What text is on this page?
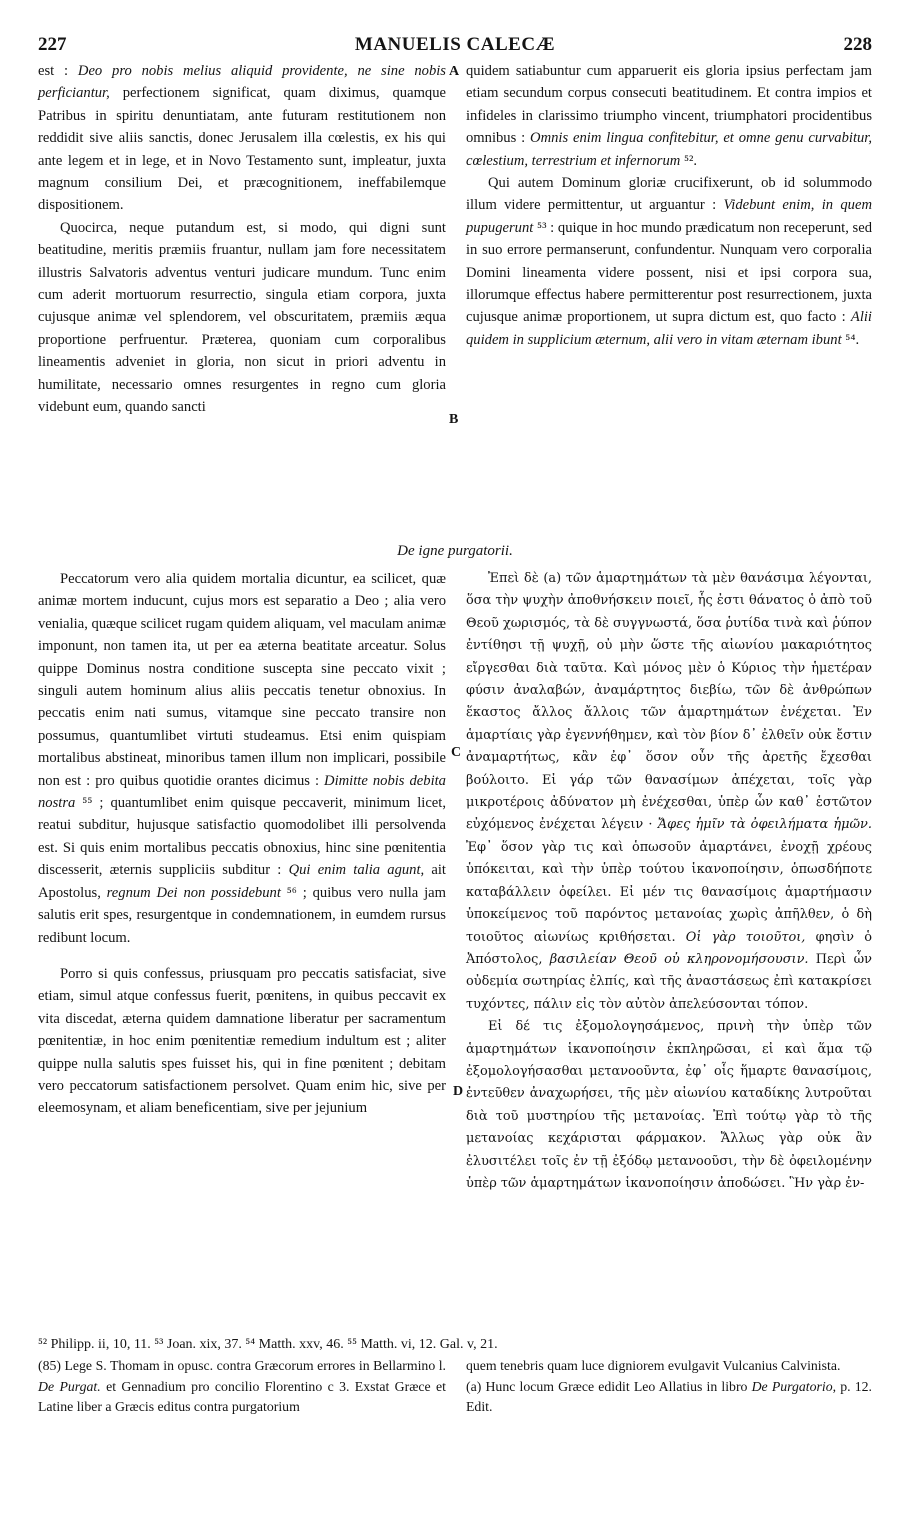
227	MANUELIS CALECÆ	228

est : Deo pro nobis melius aliquid providente, ne sine nobis perficiantur, perfectionem significat, quam diximus, quamque Patribus in spiritu denuntiatam, ante futuram restitutionem non reddidit sive aliis sanctis, donec Jerusalem illa cœlestis, ex his qui ante legem et in lege, et in Novo Testamento sunt, impleatur, juxta magnum consilium Dei, et præcognitionem, ineffabilemque dispositionem.

Quocirca, neque putandum est, si modo, qui digni sunt beatitudine, meritis præmiis fruantur, nullam jam fore necessitatem illustris Salvatoris adventus venturi judicare mundum. Tunc enim cum aderit mortuorum resurrectio, singula etiam corpora, juxta cujusque animæ vel splendorem, vel obscuritatem, præmiis æqua proportione perfruentur. Præterea, quoniam cum corporalibus lineamentis adveniet in gloria, non sicut in priori adventu in humilitate, necessario omnes resurgentes in regno cum gloria videbunt eum, quando sancti

quidem satiabuntur cum apparuerit eis gloria ipsius perfectam jam etiam secundum corpus consecuti beatitudinem. Et contra impios et infideles in clarissimo triumpho vincent, triumphatori procidentibus omnibus : Omnis enim lingua confitebitur, et omne genu curvabitur, cœlestium, terrestrium et infernorum ⁵².

Qui autem Dominum gloriæ crucifixerunt, ob id solummodo illum videre permittentur, ut arguantur : Videbunt enim, in quem pupugerunt ⁵³ : quique in hoc mundo prædicatum non receperunt, sed in suo errore permanserunt, confundentur. Nunquam vero corporalia Domini lineamenta videre possent, nisi et ipsi corpora sua, illorumque effectus habere permitterentur post resurrectionem, juxta cujusque animæ proportionem, ut supra dictum est, quo facto : Alii quidem in supplicium æternum, alii vero in vitam æternam ibunt ⁵⁴.

A
B
De igne purgatorii.

Peccatorum vero alia quidem mortalia dicuntur, ea scilicet, quæ animæ mortem inducunt, cujus mors est separatio a Deo ; alia vero venialia, quæque scilicet rugam quidem aliquam, vel maculam animæ imponunt, non tamen ita, ut per ea æterna beatitate arceatur. Solus quippe Dominus nostra conditione suscepta sine peccato vixit ; singuli autem hominum alius aliis peccatis tenetur obnoxius. In peccatis enim nati sumus, vitamque sine peccato transire non possumus, quantumlibet virtuti studeamus. Etsi enim quispiam mortalibus abstineat, minoribus tamen illum non implicari, possibile non est : pro quibus quotidie orantes dicimus : Dimitte nobis debita nostra ⁵⁵ ; quantumlibet enim quisque peccaverit, minimum licet, reatui subditur, hujusque satisfactio quomodolibet illi persolvenda est. Si quis enim mortalibus peccatis obnoxius, hinc sine pœnitentia discesserit, æternis suppliciis subditur : Qui enim talia agunt, ait Apostolus, regnum Dei non possidebunt ⁵⁶ ; quibus vero nulla jam salutis erit spes, resurgentque in condemnationem, in eumdem rursus redibunt locum.

Porro si quis confessus, priusquam pro peccatis satisfaciat, sive etiam, simul atque confessus fuerit, pœnitens, in quibus peccavit ex vita discedat, æterna quidem damnatione liberatur per sacramentum pœnitentiæ, in hoc enim pœnitentiæ remedium indultum est ; aliter quippe nulla salutis spes fuisset his, qui in fine pœnitent ; debitam vero peccatorum satisfactionem persolvet. Quam enim hic, sive per eleemosynam, et aliam beneficentiam, sive per jejunium

Ἐπεὶ δὲ (a) τῶν ἁμαρτημάτων τὰ μὲν θανάσιμα λέγονται, ὅσα τὴν ψυχὴν ἀποθνήσκειν ποιεῖ, ἧς ἐστι θάνατος ὁ ἀπὸ τοῦ Θεοῦ χωρισμός, τὰ δὲ συγγνωστά, ὅσα ῥυτίδα τινὰ καὶ ῥύπον ἐντίθησι τῇ ψυχῇ, οὐ μὴν ὥστε τῆς αἰωνίου μακαριότητος εἴργεσθαι διὰ ταῦτα. Καὶ μόνος μὲν ὁ Κύριος τὴν ἡμετέραν φύσιν ἀναλαβών, ἀναμάρτητος διεβίω, τῶν δὲ ἀνθρώπων ἕκαστος ἄλλος ἄλλοις τῶν ἁμαρτημάτων ἐνέχεται. Ἐν ἁμαρτίαις γὰρ ἐγεννήθημεν, καὶ τὸν βίον δ᾽ ἐλθεῖν οὐκ ἔστιν ἀναμαρτήτως, κἂν ἐφ᾽ ὅσον οὖν τῆς ἀρετῆς ἔχεσθαι βούλοιτο. Εἰ γάρ τῶν θανασίμων ἀπέχεται, τοῖς γὰρ μικροτέροις ἀδύνατον μὴ ἐνέχεσθαι, ὑπὲρ ὧν καθ᾽ ἑστῶτον εὐχόμενος ἐνέχεται λέγειν · Ἄφες ἡμῖν τὰ ὀφειλήματα ἡμῶν. Ἐφ᾽ ὅσον γὰρ τις καὶ ὁπωσοῦν ἁμαρτάνει, ἐνοχῇ χρέους ὑπόκειται, καὶ τὴν ὑπὲρ τούτου ἱκανοποίησιν, ὁπωσδήποτε καταβάλλειν ὀφείλει. Εἰ μέν τις θανασίμοις ἁμαρτήμασιν ὑποκείμενος τοῦ παρόντος μετανοίας χωρὶς ἀπῆλθεν, ὁ δὴ τοιοῦτος αἰωνίως κριθήσεται. Οἱ γὰρ τοιοῦτοι, φησὶν ὁ Ἀπόστολος, βασιλείαν Θεοῦ οὐ κληρονομήσουσιν. Περὶ ὧν οὐδεμία σωτηρίας ἐλπίς, καὶ τῆς ἀναστάσεως ἐπὶ κατακρίσει τυχόντες, πάλιν εἰς τὸν αὐτὸν ἀπελεύσονται τόπον.

Εἰ δέ τις ἐξομολογησάμενος, πρινὴ τὴν ὑπὲρ τῶν ἁμαρτημάτων ἱκανοποίησιν ἐκπληρῶσαι, εἰ καὶ ἅμα τῷ ἐξομολογήσασθαι μετανοοῦντα, ἐφ᾽ οἷς ἥμαρτε θανασίμοις, ἐντεῦθεν ἀναχωρήσει, τῆς μὲν αἰωνίου καταδίκης λυτροῦται διὰ τοῦ μυστηρίου τῆς μετανοίας. Ἐπὶ τούτῳ γὰρ τὸ τῆς μετανοίας κεχάρισται φάρμακον. Ἄλλως γὰρ οὐκ ἂν ἐλυσιτέλει τοῖς ἐν τῇ ἐξόδῳ μετανοοῦσι, τὴν δὲ ὀφειλομένην ὑπὲρ τῶν ἁμαρτημάτων ἱκανοποίησιν ἀποδώσει. Ἣν γὰρ ἐν-

C
D
⁵² Philipp. ii, 10, 11. ⁵³ Joan. xix, 37. ⁵⁴ Matth. xxv, 46. ⁵⁵ Matth. vi, 12. Gal. v, 21.

(85) Lege S. Thomam in opusc. contra Græcorum errores in Bellarmino l. De Purgat. et Gennadium pro concilio Florentino c 3. Exstat Græce et Latine liber a Græcis editus contra purgatorium

quem tenebris quam luce digniorem evulgavit Vulcanius Calvinista.

(a) Hunc locum Græce edidit Leo Allatius in libro De Purgatorio, p. 12. Edit.
